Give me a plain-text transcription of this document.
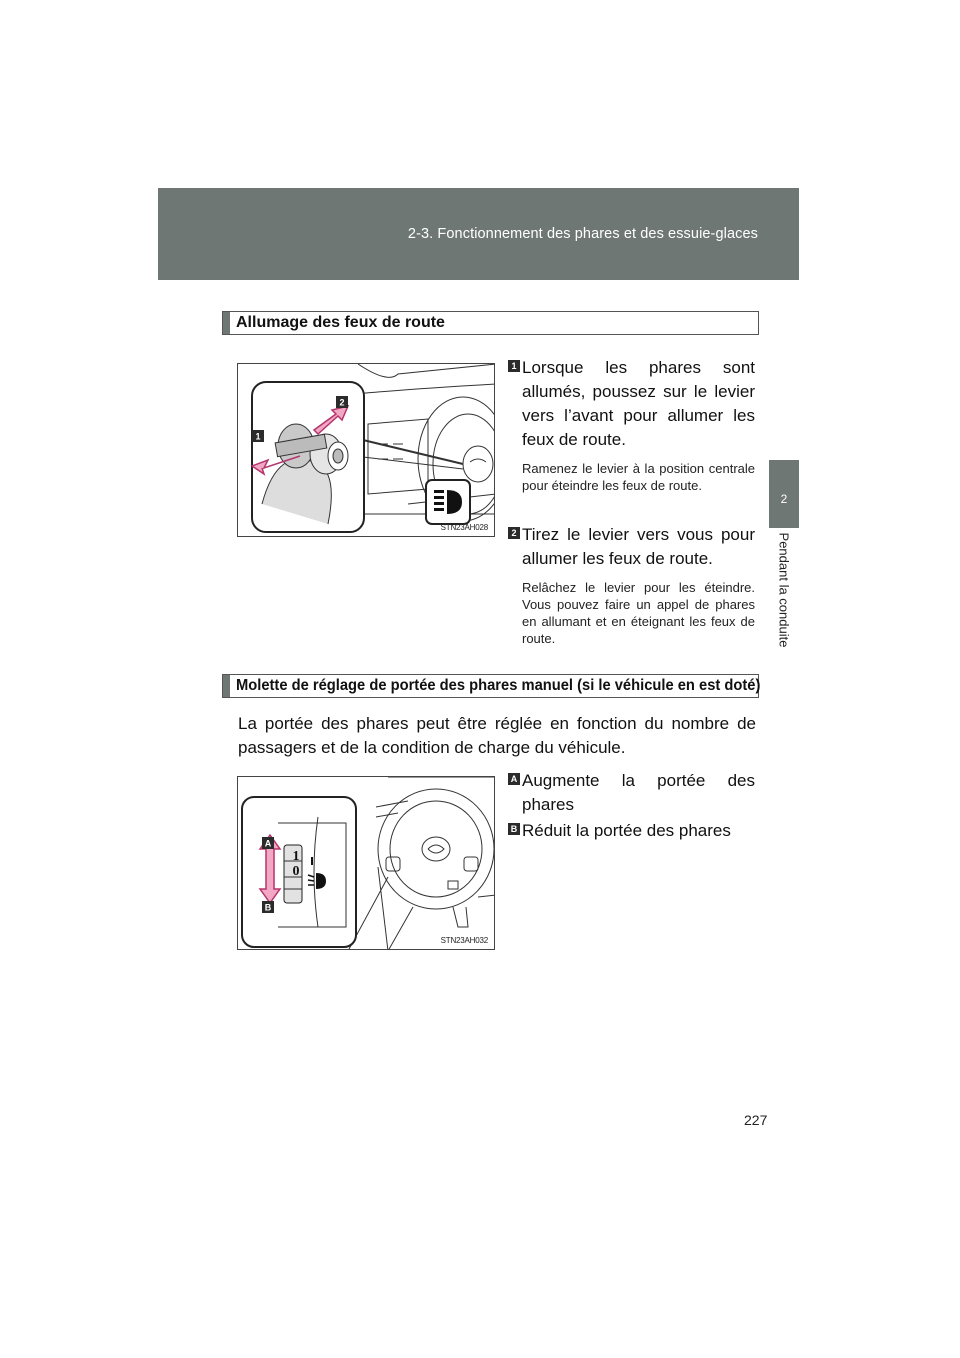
2-3. Fonctionnement des phares et des essuie-glaces
2
Pendant la conduite
Allumage des feux de route
1
2
STN23AH028
1 Lorsque les phares sont allumés, poussez sur le levier vers l’avant pour allumer les feux de route.
Ramenez le levier à la position centrale pour éteindre les feux de route.
2 Tirez le levier vers vous pour allumer les feux de route.
Relâchez le levier pour les éteindre. Vous pouvez faire un appel de phares en allumant et en éteignant les feux de route.
Molette de réglage de portée des phares manuel (si le véhicule en est doté)
La portée des phares peut être réglée en fonction du nombre de passagers et de la condition de charge du véhicule.
1
0
A
B
STN23AH032
A Augmente la portée des phares
B Réduit la portée des phares
227
